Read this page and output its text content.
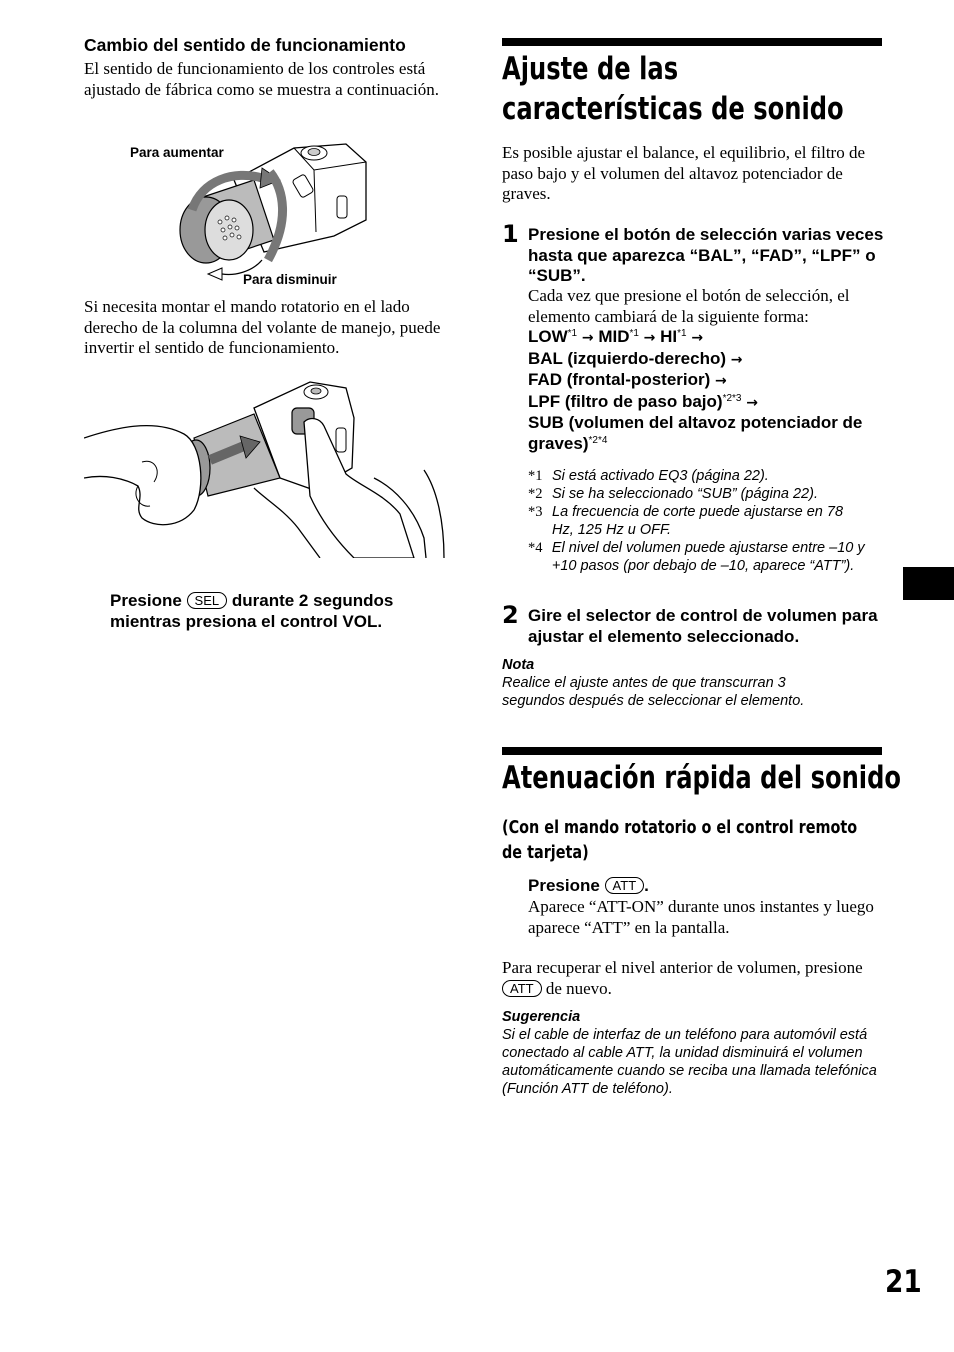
Cambio del sentido de funcionamiento
El sentido de funcionamiento de los controles está ajustado de fábrica como se muestra a continuación.
Para aumentar
Para disminuir
Si necesita montar el mando rotatorio en el lado derecho de la columna del volante de manejo, puede invertir el sentido de funcionamiento.
Presione SEL durante 2 segundos mientras presiona el control VOL.
Ajuste de las características de sonido
Es posible ajustar el balance, el equilibrio, el filtro de paso bajo y el volumen del altavoz potenciador de graves.
1 Presione el botón de selección varias veces hasta que aparezca “BAL”, “FAD”, “LPF” o “SUB”.
Cada vez que presione el botón de selección, el elemento cambiará de la siguiente forma:
$LOW^{*1} \to MID^{*1} \to HI^{*1}$ →
BAL (izquierdo-derecho) →
FAD (frontal-posterior) →
LPF (filtro de paso bajo)$^{*2*3}$ →
SUB (volumen del altavoz potenciador de graves)$^{*2*4}$
*1 Si está activado EQ3 (página 22).
*2 Si se ha seleccionado “SUB” (página 22).
*3 La frecuencia de corte puede ajustarse en 78 Hz, 125 Hz u OFF.
*4 El nivel del volumen puede ajustarse entre –10 y +10 pasos (por debajo de –10, aparece “ATT”).
2 Gire el selector de control de volumen para ajustar el elemento seleccionado.
Nota
Realice el ajuste antes de que transcurran 3 segundos después de seleccionar el elemento.
Atenuación rápida del sonido
(Con el mando rotatorio o el control remoto
de tarjeta)
Presione ATT .
Aparece “ATT-ON” durante unos instantes y luego aparece “ATT” en la pantalla.
Para recuperar el nivel anterior de volumen, presione ATT de nuevo.
Sugerencia
Si el cable de interfaz de un teléfono para automóvil está conectado al cable ATT, la unidad disminuirá el volumen automáticamente cuando se reciba una llamada telefónica (Función ATT de teléfono).
21
